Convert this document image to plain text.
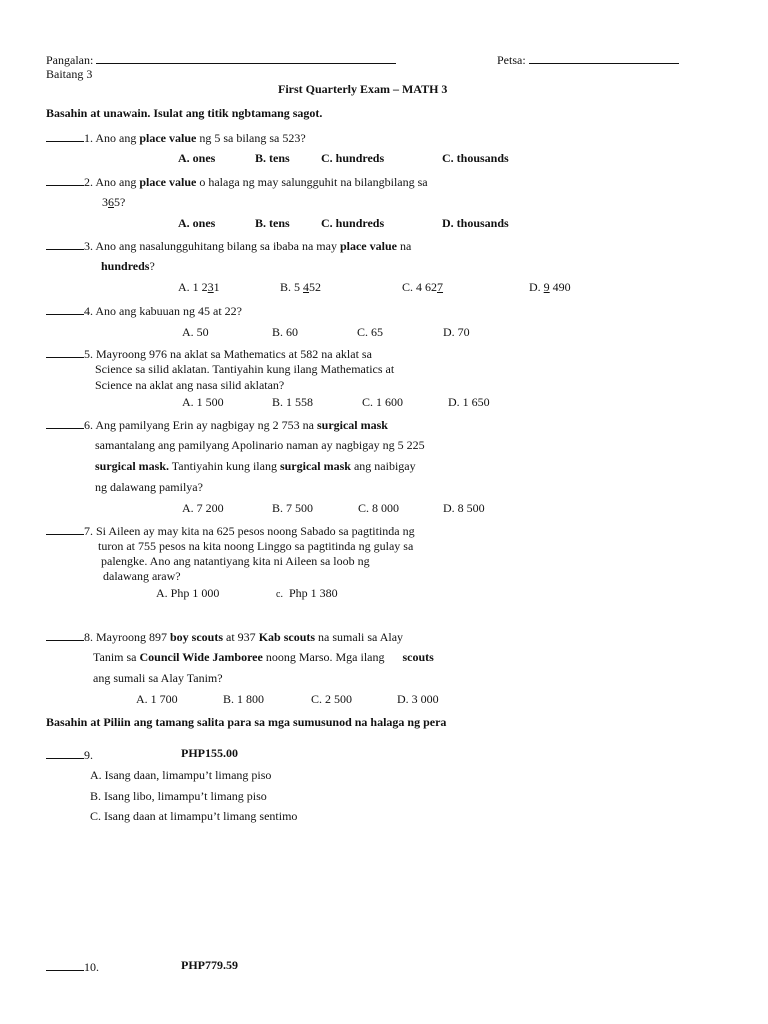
Pangalan:	Petsa:
Baitang 3
First Quarterly Exam – MATH 3
Basahin at unawain. Isulat ang titik ngbtamang sagot.
1. Ano ang place value ng 5 sa bilang sa 523?
A. ones	B. tens	C. hundreds	C. thousands
2. Ano ang place value o halaga ng may salungguhit na bilangbilang sa
365?
A. ones	B. tens	C. hundreds	D. thousands
3. Ano ang nasalungguhitang bilang sa ibaba na may place value na
hundreds?
A. 1 231	B. 5 452	C. 4 627	D. 9 490
4. Ano ang kabuuan ng 45 at 22?
A. 50	B. 60	C. 65	D. 70
5. Mayroong 976 na aklat sa Mathematics at 582 na aklat sa
Science sa silid aklatan. Tantiyahin kung ilang Mathematics at
Science na aklat ang nasa silid aklatan?
A. 1 500	B. 1 558	C. 1 600	D. 1 650
6. Ang pamilyang Erin ay nagbigay ng 2 753 na surgical mask
samantalang ang pamilyang Apolinario naman ay nagbigay ng 5 225
surgical mask. Tantiyahin kung ilang surgical mask ang naibigay
ng dalawang pamilya?
A. 7 200	B. 7 500	C. 8 000	D. 8 500
7. Si Aileen ay may kita na 625 pesos noong Sabado sa pagtitinda ng
turon at 755 pesos na kita noong Linggo sa pagtitinda ng gulay sa
palengke. Ano ang natantiyang kita ni Aileen sa loob ng
dalawang araw?
A. Php 1 000	c. Php 1 380
8. Mayroong 897 boy scouts at 937 Kab scouts na sumali sa Alay
Tanim sa Council Wide Jamboree noong Marso. Mga ilang      scouts
ang sumali sa Alay Tanim?
A. 1 700	B. 1 800	C. 2 500	D. 3 000
Basahin at Piliin ang tamang salita para sa mga sumusunod na halaga ng pera
9.	PHP155.00
A. Isang daan, limampu’t limang piso
B. Isang libo, limampu’t limang piso
C. Isang daan at limampu’t limang sentimo
10.	PHP779.59
